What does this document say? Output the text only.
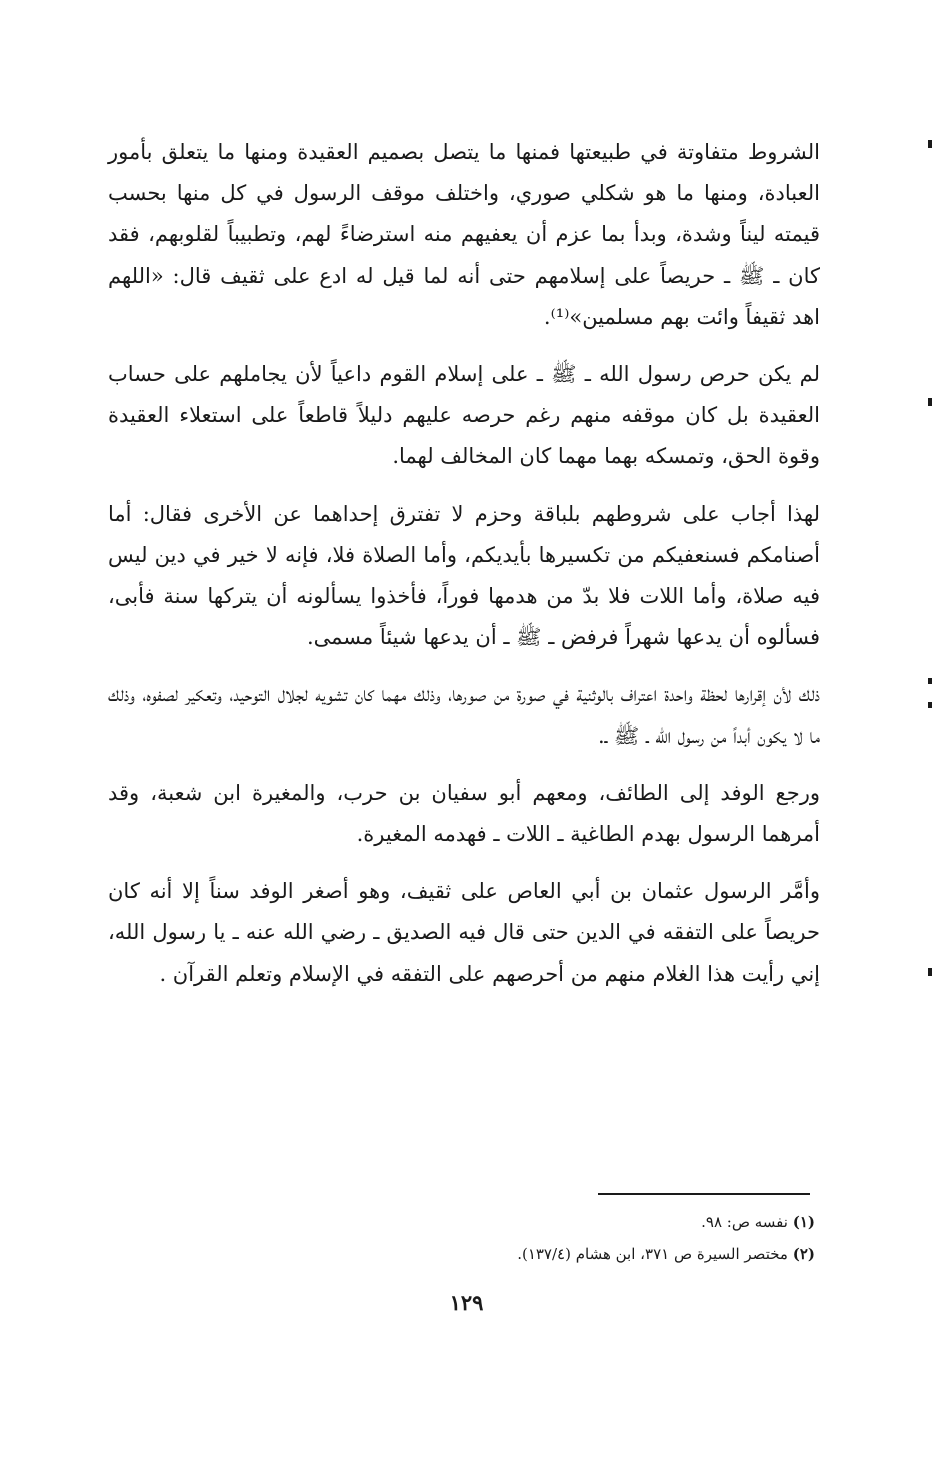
الشروط متفاوتة في طبيعتها فمنها ما يتصل بصميم العقيدة ومنها ما يتعلق بأمور العبادة، ومنها ما هو شكلي صوري، واختلف موقف الرسول في كل منها بحسب قيمته ليناً وشدة، وبدأ بما عزم أن يعفيهم منه استرضاءً لهم، وتطبيباً لقلوبهم، فقد كان ـ ﷺ ـ حريصاً على إسلامهم حتى أنه لما قيل له ادع على ثقيف قال: «اللهم اهد ثقيفاً وائت بهم مسلمين»⁽¹⁾.

لم يكن حرص رسول الله ـ ﷺ ـ على إسلام القوم داعياً لأن يجاملهم على حساب العقيدة بل كان موقفه منهم رغم حرصه عليهم دليلاً قاطعاً على استعلاء العقيدة وقوة الحق، وتمسكه بهما مهما كان المخالف لهما.

لهذا أجاب على شروطهم بلباقة وحزم لا تفترق إحداهما عن الأخرى فقال: أما أصنامكم فسنعفيكم من تكسيرها بأيديكم، وأما الصلاة فلا، فإنه لا خير في دين ليس فيه صلاة، وأما اللات فلا بدّ من هدمها فوراً، فأخذوا يسألونه أن يتركها سنة فأبى، فسألوه أن يدعها شهراً فرفض ـ ﷺ ـ أن يدعها شيئاً مسمى.

ذلك لأن إقرارها لحظة واحدة اعتراف بالوثنية في صورة من صورها، وذلك مهما كان تشويه لجلال التوحيد، وتعكير لصفوه، وذلك ما لا يكون أبداً من رسول الله ـ ﷺ ـ.

ورجع الوفد إلى الطائف، ومعهم أبو سفيان بن حرب، والمغيرة ابن شعبة، وقد أمرهما الرسول بهدم الطاغية ـ اللات ـ فهدمه المغيرة.

وأمَّر الرسول عثمان بن أبي العاص على ثقيف، وهو أصغر الوفد سناً إلا أنه كان حريصاً على التفقه في الدين حتى قال فيه الصديق ـ رضي الله عنه ـ يا رسول الله، إني رأيت هذا الغلام منهم من أحرصهم على التفقه في الإسلام وتعلم القرآن .

(١) نفسه ص: ٩٨.

(٢) مختصر السيرة ص ٣٧١، ابن هشام (١٣٧/٤).

١٢٩
